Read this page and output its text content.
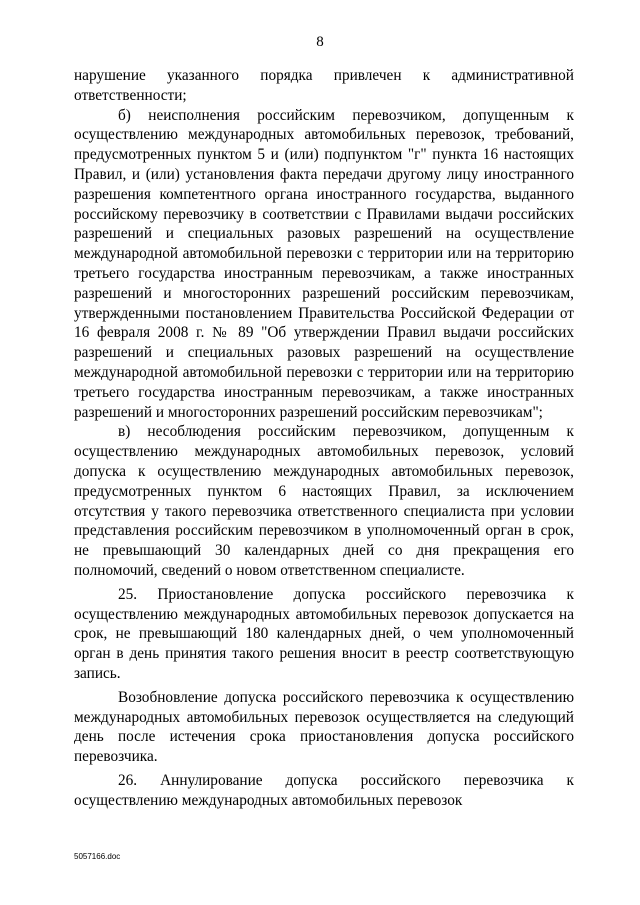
8

нарушение указанного порядка привлечен к административной ответственности;

б) неисполнения российским перевозчиком, допущенным к осуществлению международных автомобильных перевозок, требований, предусмотренных пунктом 5 и (или) подпунктом "г" пункта 16 настоящих Правил, и (или) установления факта передачи другому лицу иностранного разрешения компетентного органа иностранного государства, выданного российскому перевозчику в соответствии с Правилами выдачи российских разрешений и специальных разовых разрешений на осуществление международной автомобильной перевозки с территории или на территорию третьего государства иностранным перевозчикам, а также иностранных разрешений и многосторонних разрешений российским перевозчикам, утвержденными постановлением Правительства Российской Федерации от 16 февраля 2008 г. № 89 "Об утверждении Правил выдачи российских разрешений и специальных разовых разрешений на осуществление международной автомобильной перевозки с территории или на территорию третьего государства иностранным перевозчикам, а также иностранных разрешений и многосторонних разрешений российским перевозчикам";

в) несоблюдения российским перевозчиком, допущенным к осуществлению международных автомобильных перевозок, условий допуска к осуществлению международных автомобильных перевозок, предусмотренных пунктом 6 настоящих Правил, за исключением отсутствия у такого перевозчика ответственного специалиста при условии представления российским перевозчиком в уполномоченный орган в срок, не превышающий 30 календарных дней со дня прекращения его полномочий, сведений о новом ответственном специалисте.

25. Приостановление допуска российского перевозчика к осуществлению международных автомобильных перевозок допускается на срок, не превышающий 180 календарных дней, о чем уполномоченный орган в день принятия такого решения вносит в реестр соответствующую запись.

Возобновление допуска российского перевозчика к осуществлению международных автомобильных перевозок осуществляется на следующий день после истечения срока приостановления допуска российского перевозчика.

26. Аннулирование допуска российского перевозчика к осуществлению международных автомобильных перевозок

5057166.doc
